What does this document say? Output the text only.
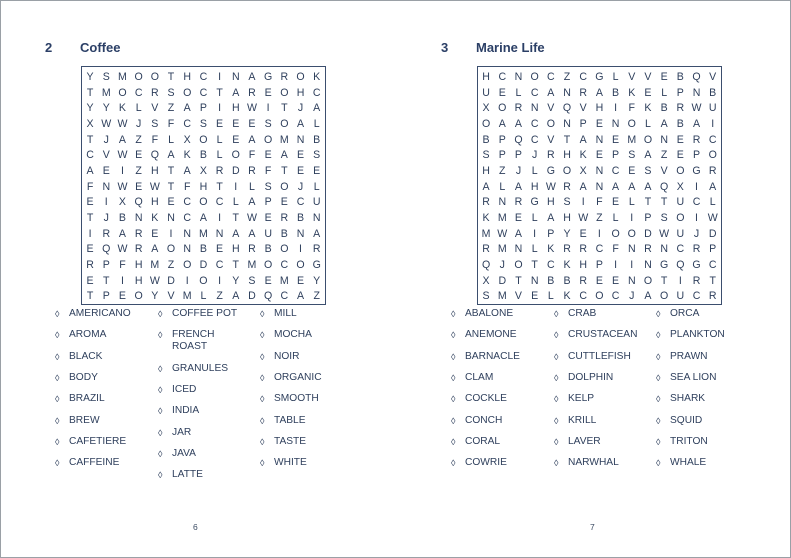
2 Coffee
Y S M O O T H C	I	N A G R O K
T M O C R S O C T A R E O H C
Y Y K L V Z A P	I	H W I	T J A
X W W J S F C S E E E S O A L
T J A Z F L X O L E A O M N B
C V W E Q A K B L O F E A E S
A E	I	Z H T A X R D R F T E E
F N W E W T F H T	I	L S O J L
E	I	X Q H E C O C L A P E C U
T J B N K N C A	I	T W E R B N
I	R A R E	I	N M N A A U B N A
E Q W R A O N B E H R B O I	R
R P F H M Z O D C T M O C O G
E T	I	H W D	I O I	Y S E M E Y
T P E O Y V M L Z A D Q C A Z
◊ AMERICANO
◊ AROMA
◊ BLACK
◊ BODY
◊ BRAZIL
◊ BREW
◊ CAFETIERE
◊ CAFFEINE
◊ COFFEE POT
◊ FRENCH ROAST
◊ GRANULES
◊ ICED
◊ INDIA
◊ JAR
◊ JAVA
◊ LATTE
◊ MILL
◊ MOCHA
◊ NOIR
◊ ORGANIC
◊ SMOOTH
◊ TABLE
◊ TASTE
◊ WHITE
6
3 Marine Life
H C N O C Z C G L V V E B Q V
U E L C A N R A B K E L P N B
X O R N V Q V H	I	F K B R W U
O A A C O N P E N O L A B A	I
B P Q C V T A N E M O N E R C
S P P J R H K E P S A Z E P O
H Z J L G O X N C E S V O G R
A L A H W R A N A A A Q X	I	A
R N R G H S	I	F E L T T U C L
K M E L A H W Z L	I	P S O I W
M W A	I	P Y E	I O O D W U J D
R M N L K R R C F N R N C R P
Q J O T C K H P	I	I	N G Q G C
X D T N B B R E E N O T	I	R T
S M V E L K C O C J A O U C R
◊ ABALONE
◊ ANEMONE
◊ BARNACLE
◊ CLAM
◊ COCKLE
◊ CONCH
◊ CORAL
◊ COWRIE
◊ CRAB
◊ CRUSTACEAN
◊ CUTTLEFISH
◊ DOLPHIN
◊ KELP
◊ KRILL
◊ LAVER
◊ NARWHAL
◊ ORCA
◊ PLANKTON
◊ PRAWN
◊ SEA LION
◊ SHARK
◊ SQUID
◊ TRITON
◊ WHALE
7
